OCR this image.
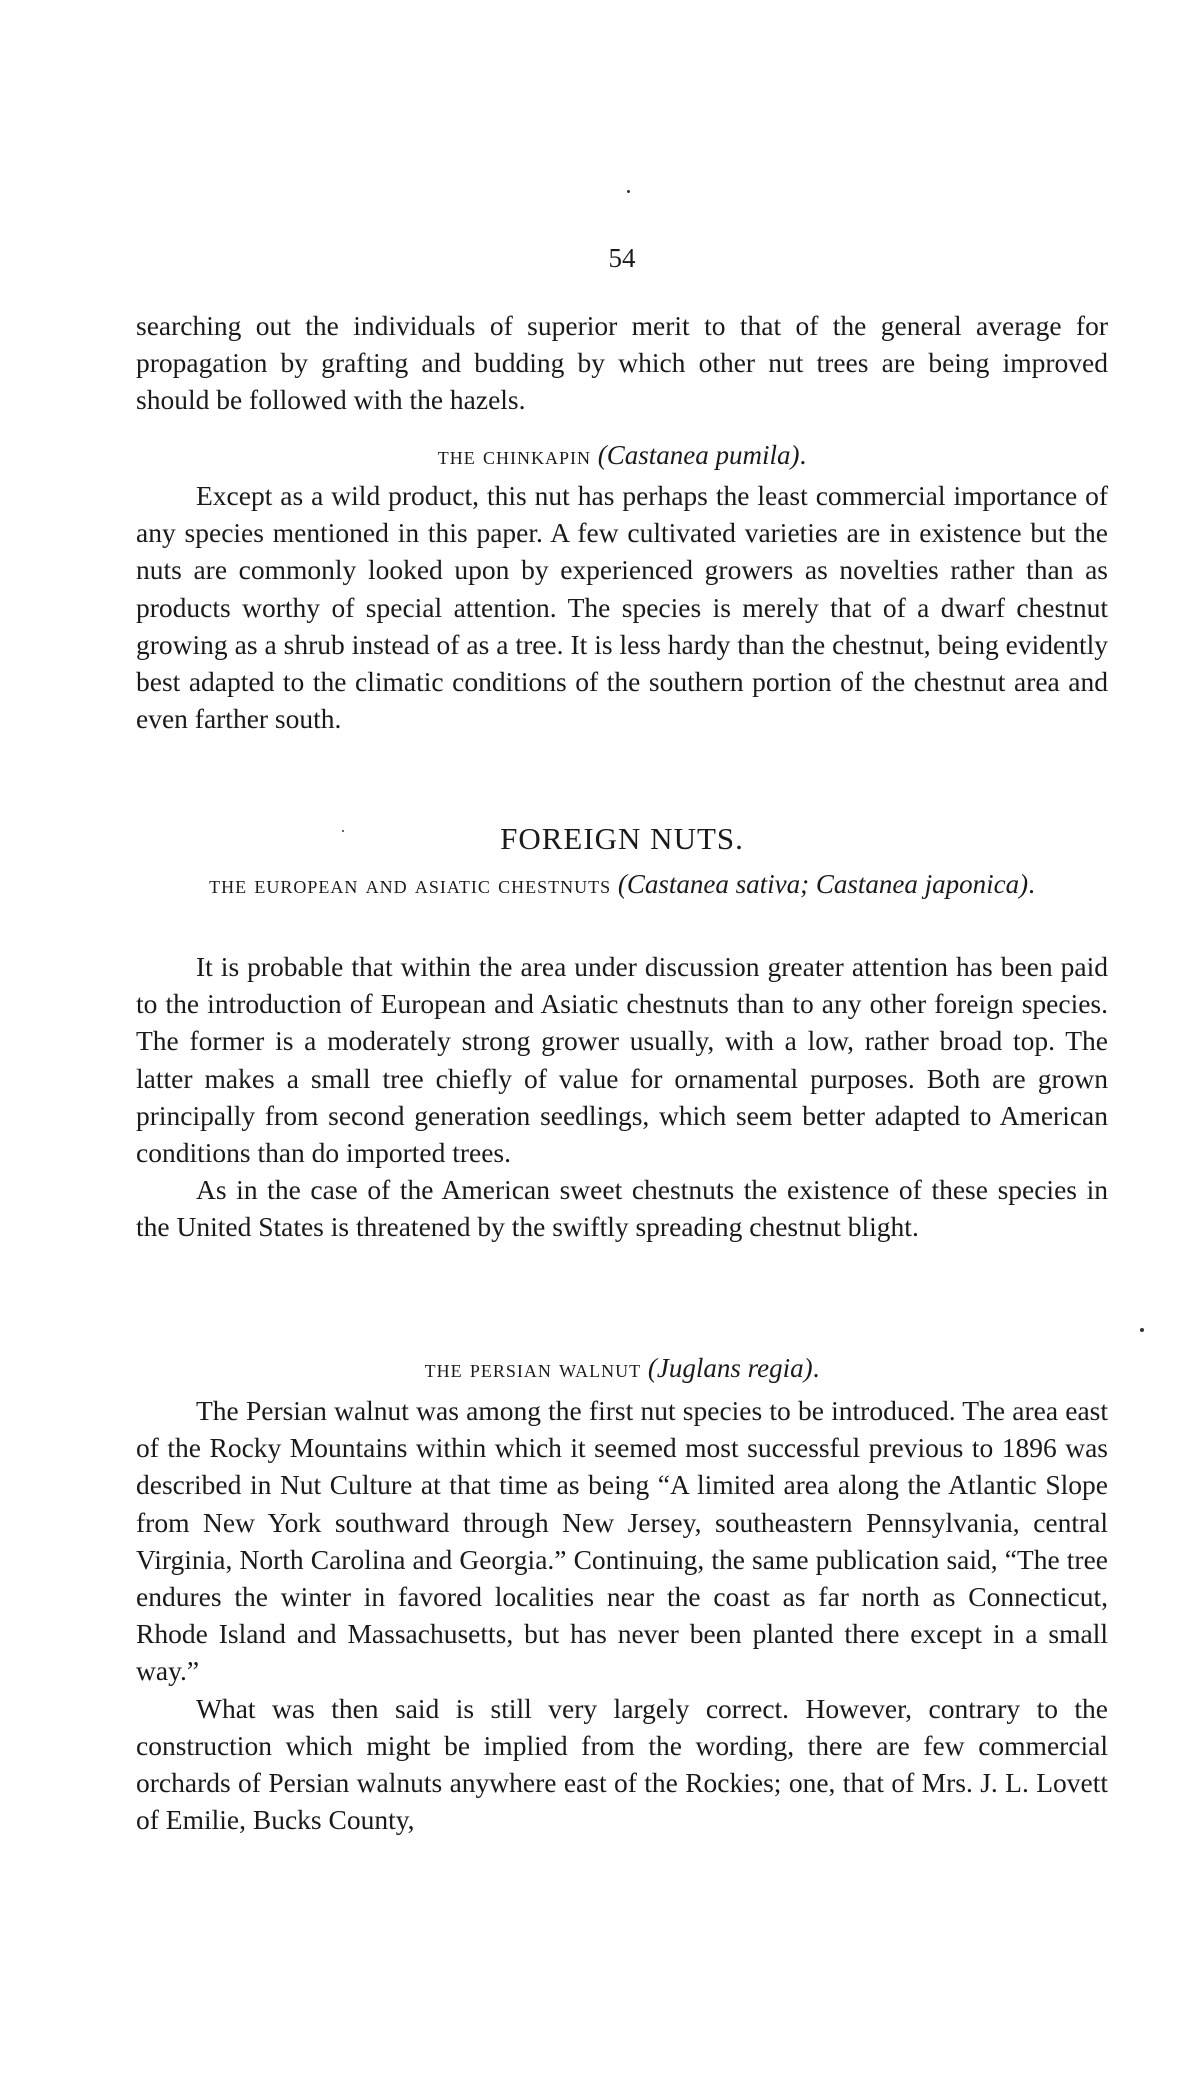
54

searching out the individuals of superior merit to that of the general average for propagation by grafting and budding by which other nut trees are being improved should be followed with the hazels.

the chinkapin (Castanea pumila).

Except as a wild product, this nut has perhaps the least commercial importance of any species mentioned in this paper. A few cultivated varieties are in existence but the nuts are commonly looked upon by experienced growers as novelties rather than as products worthy of special attention. The species is merely that of a dwarf chestnut growing as a shrub instead of as a tree. It is less hardy than the chestnut, being evidently best adapted to the climatic conditions of the southern portion of the chestnut area and even farther south.

FOREIGN NUTS.
the european and asiatic chestnuts (Castanea sativa; Castanea japonica).

It is probable that within the area under discussion greater attention has been paid to the introduction of European and Asiatic chestnuts than to any other foreign species. The former is a moderately strong grower usually, with a low, rather broad top. The latter makes a small tree chiefly of value for ornamental purposes. Both are grown principally from second generation seedlings, which seem better adapted to American conditions than do imported trees.

As in the case of the American sweet chestnuts the existence of these species in the United States is threatened by the swiftly spreading chestnut blight.

the persian walnut (Juglans regia).

The Persian walnut was among the first nut species to be introduced. The area east of the Rocky Mountains within which it seemed most successful previous to 1896 was described in Nut Culture at that time as being “A limited area along the Atlantic Slope from New York southward through New Jersey, southeastern Pennsylvania, central Virginia, North Carolina and Georgia.” Continuing, the same publication said, “The tree endures the winter in favored localities near the coast as far north as Connecticut, Rhode Island and Massachusetts, but has never been planted there except in a small way.”

What was then said is still very largely correct. However, contrary to the construction which might be implied from the wording, there are few commercial orchards of Persian walnuts anywhere east of the Rockies; one, that of Mrs. J. L. Lovett of Emilie, Bucks County,
